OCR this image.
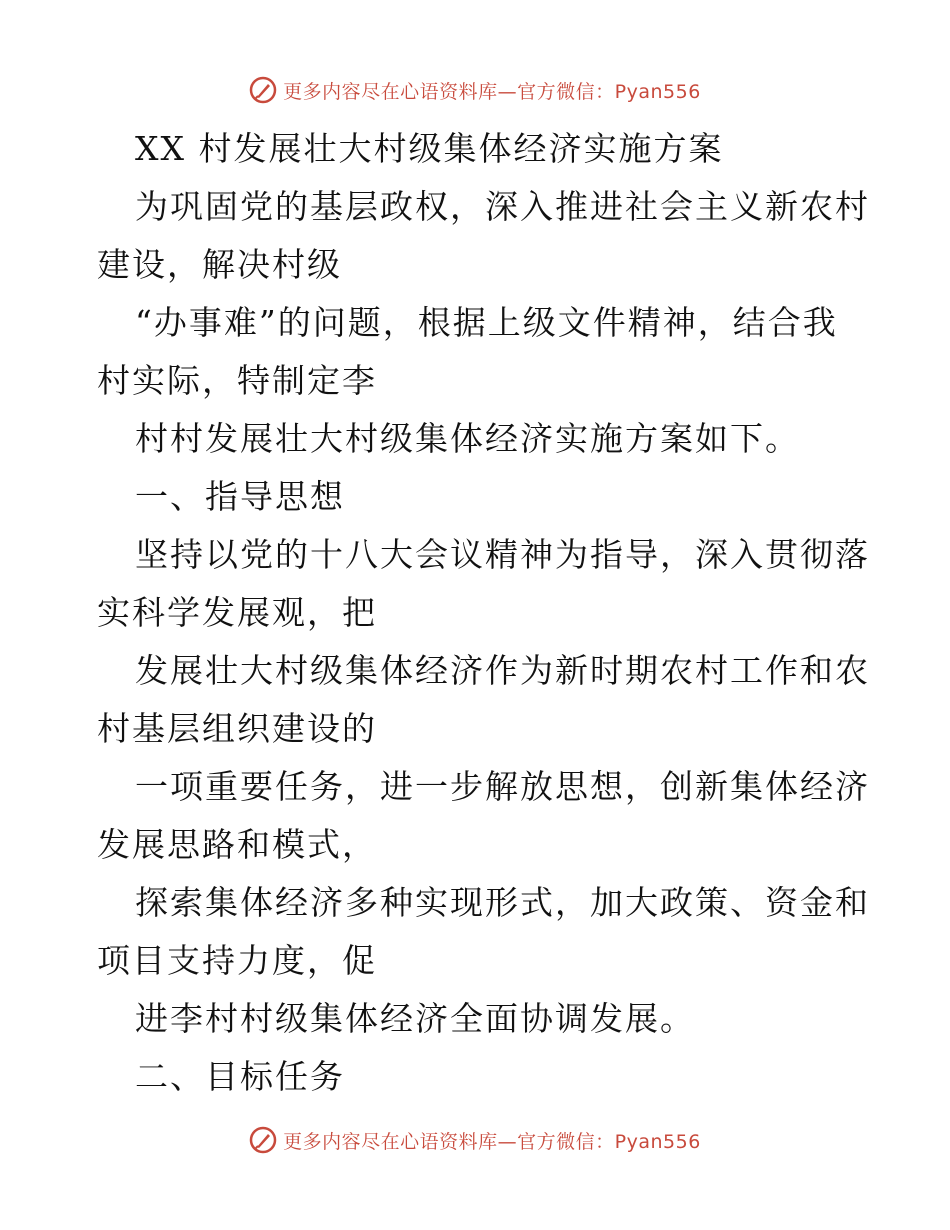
更多内容尽在心语资料库—官方微信：Pyan556
XX 村发展壮大村级集体经济实施方案
为巩固党的基层政权，深入推进社会主义新农村
建设，解决村级
“办事难”的问题，根据上级文件精神，结合我
村实际，特制定李
村村发展壮大村级集体经济实施方案如下。
一、指导思想
坚持以党的十八大会议精神为指导，深入贯彻落
实科学发展观，把
发展壮大村级集体经济作为新时期农村工作和农
村基层组织建设的
一项重要任务，进一步解放思想，创新集体经济
发展思路和模式，
探索集体经济多种实现形式，加大政策、资金和
项目支持力度，促
进李村村级集体经济全面协调发展。
二、目标任务
更多内容尽在心语资料库—官方微信：Pyan556
